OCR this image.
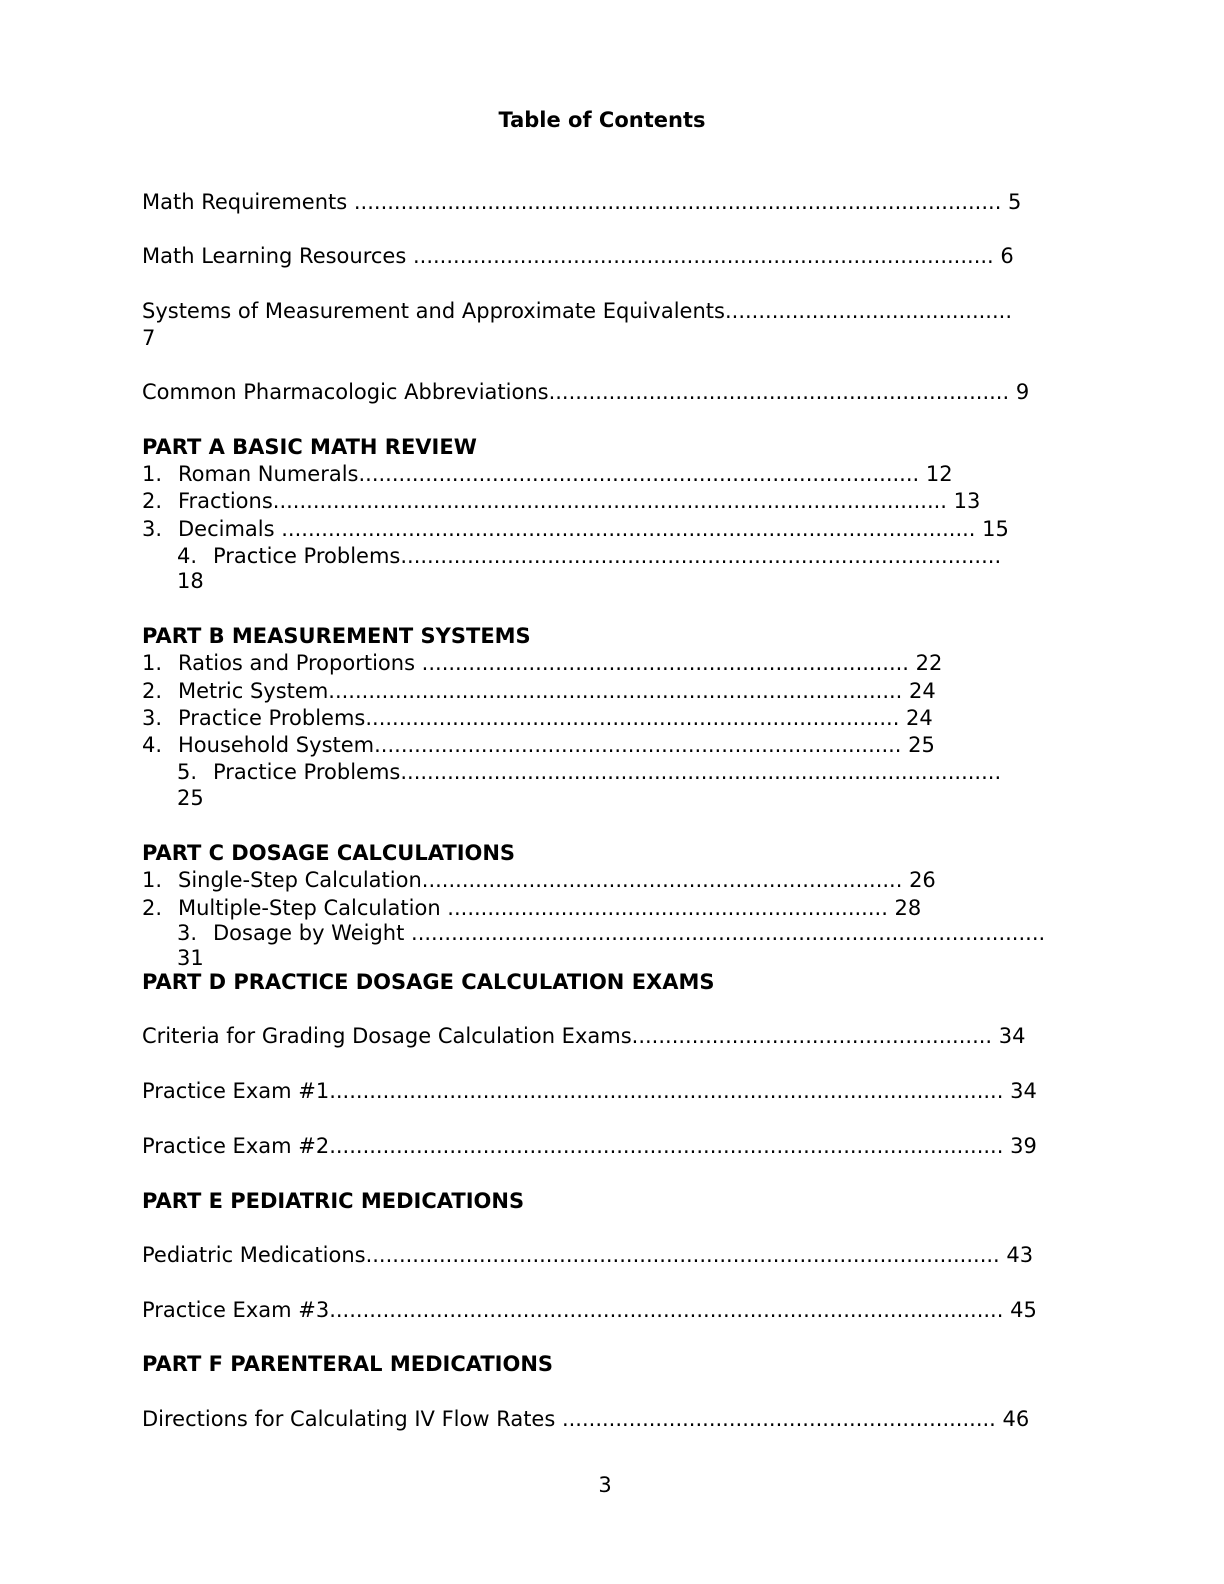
Table of Contents
Math Requirements ................................................................................................. 5
Math Learning Resources ....................................................................................... 6
Systems of Measurement and Approximate Equivalents...........................................
7
Common Pharmacologic Abbreviations..................................................................... 9
PART A BASIC MATH REVIEW
1. Roman Numerals.................................................................................... 12
2. Fractions..................................................................................................... 13
3. Decimals ........................................................................................................ 15
4. Practice Problems..........................................................................................
18
PART B MEASUREMENT SYSTEMS
1. Ratios and Proportions ......................................................................... 22
2. Metric System...................................................................................... 24
3. Practice Problems................................................................................ 24
4. Household System............................................................................... 25
5. Practice Problems..........................................................................................
25
PART C DOSAGE CALCULATIONS
1. Single-Step Calculation........................................................................ 26
2. Multiple-Step Calculation .................................................................. 28
3. Dosage by Weight ...............................................................................................
31
PART D PRACTICE DOSAGE CALCULATION EXAMS
Criteria for Grading Dosage Calculation Exams...................................................... 34
Practice Exam #1..................................................................................................... 34
Practice Exam #2..................................................................................................... 39
PART E PEDIATRIC MEDICATIONS
Pediatric Medications............................................................................................... 43
Practice Exam #3..................................................................................................... 45
PART F PARENTERAL MEDICATIONS
Directions for Calculating IV Flow Rates ................................................................. 46
3
